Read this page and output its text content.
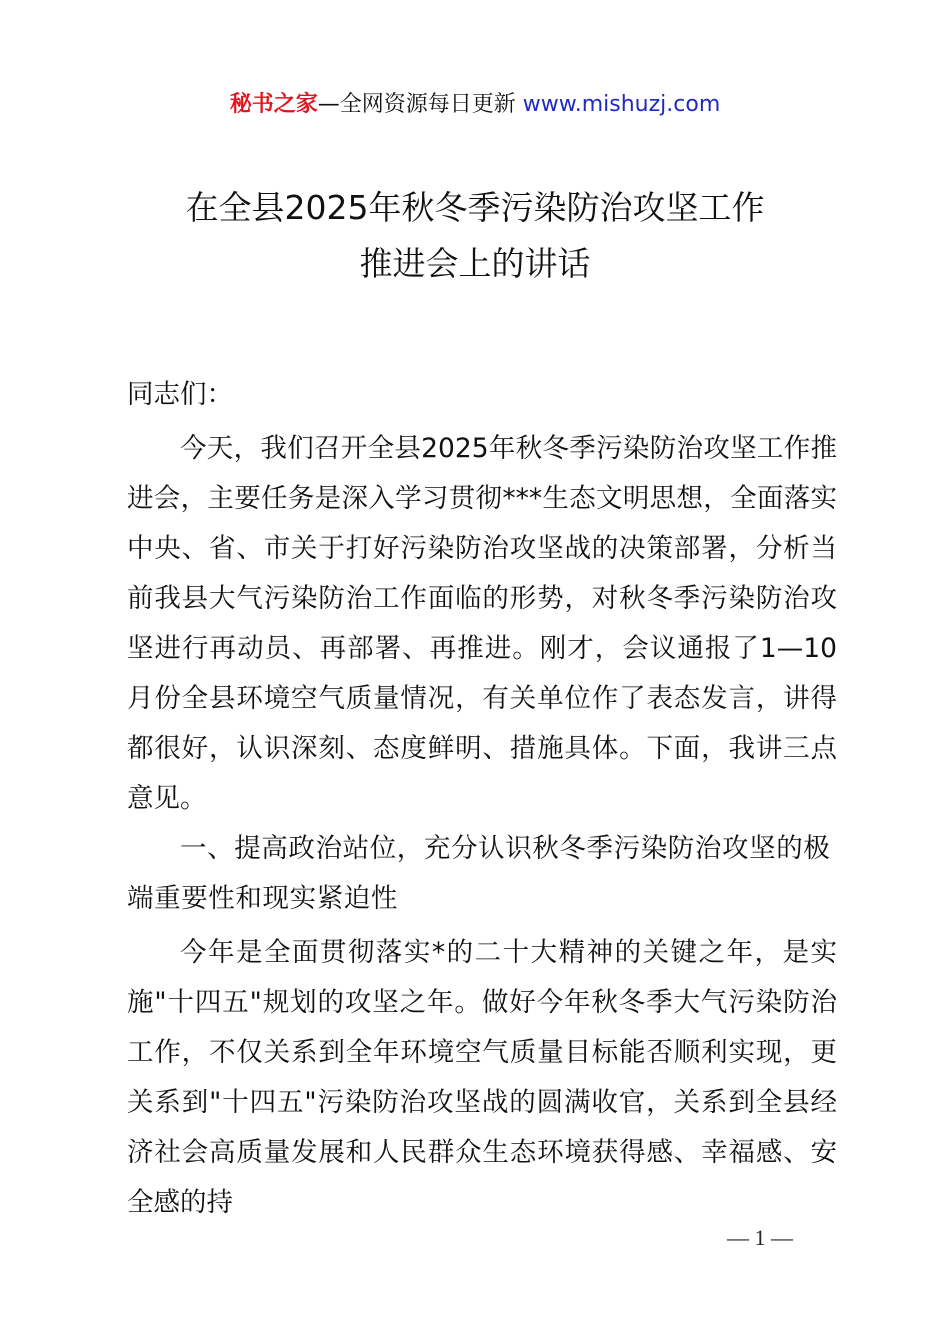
秘书之家—全网资源每日更新 www.mishuzj.com
在全县2025年秋冬季污染防治攻坚工作
推进会上的讲话

同志们：

今天，我们召开全县2025年秋冬季污染防治攻坚工作推进会，主要任务是深入学习贯彻***生态文明思想，全面落实中央、省、市关于打好污染防治攻坚战的决策部署，分析当前我县大气污染防治工作面临的形势，对秋冬季污染防治攻坚进行再动员、再部署、再推进。刚才，会议通报了1—10月份全县环境空气质量情况，有关单位作了表态发言，讲得都很好，认识深刻、态度鲜明、措施具体。下面，我讲三点意见。

一、提高政治站位，充分认识秋冬季污染防治攻坚的极端重要性和现实紧迫性

今年是全面贯彻落实*的二十大精神的关键之年，是实施"十四五"规划的攻坚之年。做好今年秋冬季大气污染防治工作，不仅关系到全年环境空气质量目标能否顺利实现，更关系到"十四五"污染防治攻坚战的圆满收官，关系到全县经济社会高质量发展和人民群众生态环境获得感、幸福感、安全感的持

— 1 —
